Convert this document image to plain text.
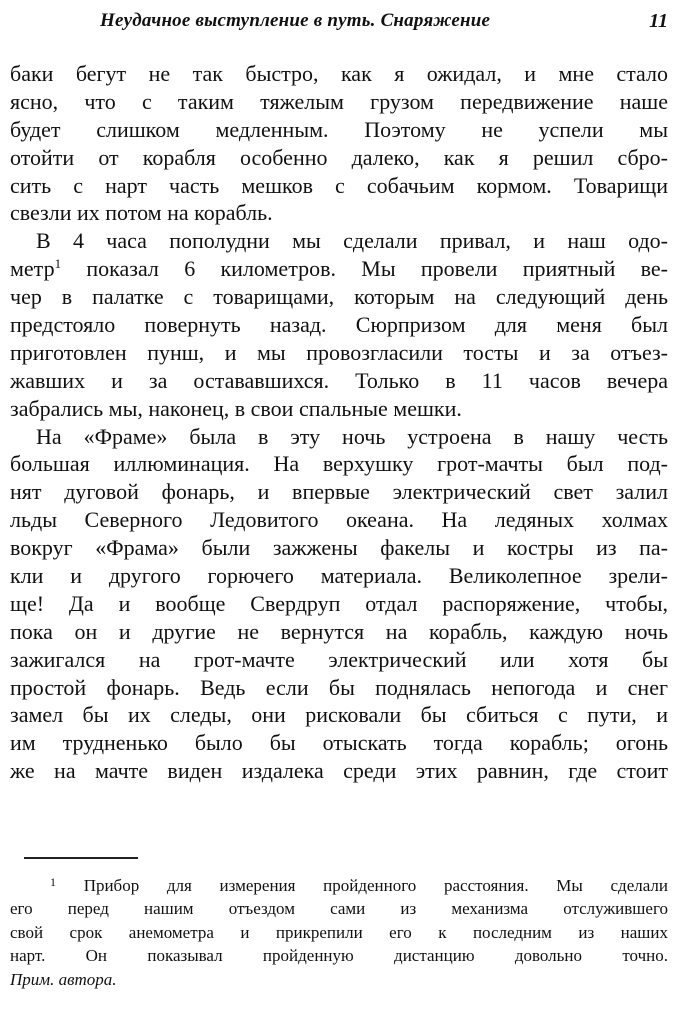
Неудачное выступление в путь. Снаряжение	11
баки бегут не так быстро, как я ожидал, и мне стало
ясно, что с таким тяжелым грузом передвижение наше
будет слишком медленным. Поэтому не успели мы
отойти от корабля особенно далеко, как я решил сбро-
сить с нарт часть мешков с собачьим кормом. Товарищи
свезли их потом на корабль.
В 4 часа пополудни мы сделали привал, и наш одо-
метр$^1$ показал 6 километров. Мы провели приятный ве-
чер в палатке с товарищами, которым на следующий день
предстояло повернуть назад. Сюрпризом для меня был
приготовлен пунш, и мы провозгласили тосты и за отъез-
жавших и за остававшихся. Только в 11 часов вечера
забрались мы, наконец, в свои спальные мешки.
На «Фраме» была в эту ночь устроена в нашу честь
большая иллюминация. На верхушку грот-мачты был под-
нят дуговой фонарь, и впервые электрический свет залил
льды Северного Ледовитого океана. На ледяных холмах
вокруг «Фрама» были зажжены факелы и костры из па-
кли и другого горючего материала. Великолепное зрели-
ще! Да и вообще Свердруп отдал распоряжение, чтобы,
пока он и другие не вернутся на корабль, каждую ночь
зажигался на грот-мачте электрический или хотя бы
простой фонарь. Ведь если бы поднялась непогода и снег
замел бы их следы, они рисковали бы сбиться с пути, и
им трудненько было бы отыскать тогда корабль; огонь
же на мачте виден издалека среди этих равнин, где стоит
$^1$ Прибор для измерения пройденного расстояния. Мы сделали
его перед нашим отъездом сами из механизма отслужившего
свой срок анемометра и прикрепили его к последним из наших
нарт. Он показывал пройденную дистанцию довольно точно.
Прим. автора.
